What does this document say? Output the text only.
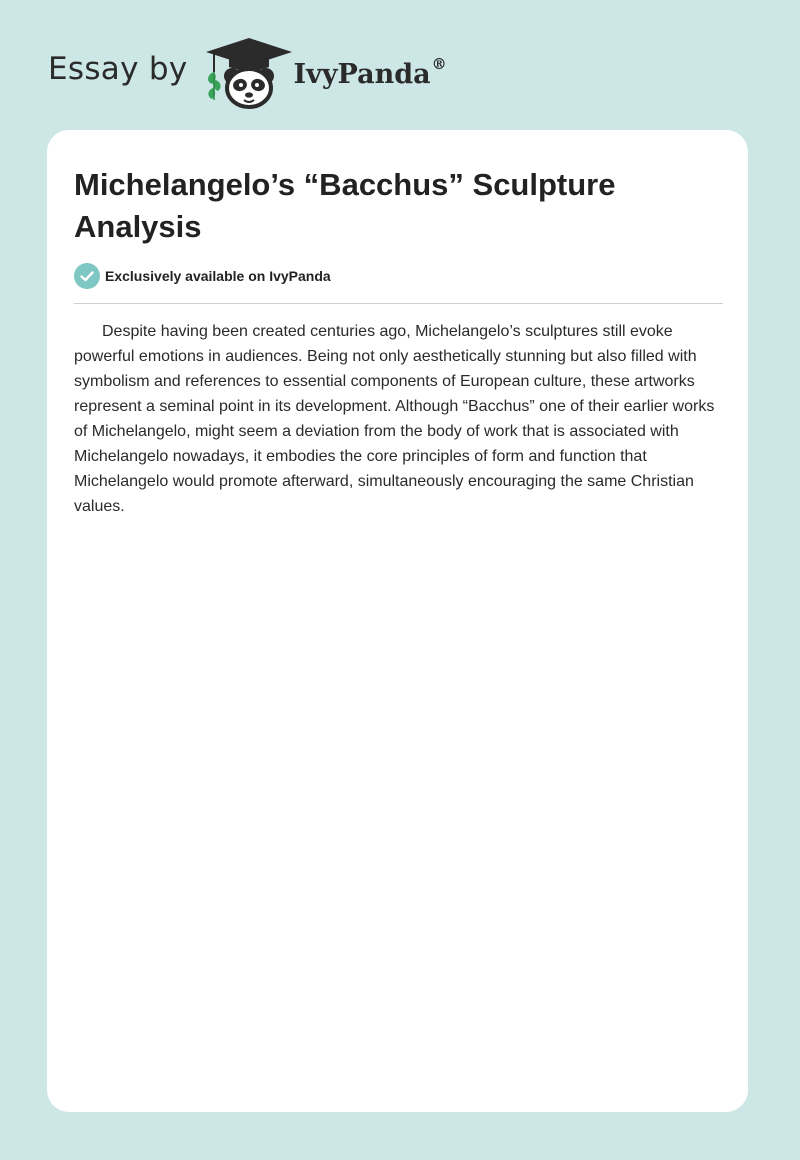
Essay by	IvyPanda®
Michelangelo’s “Bacchus” Sculpture Analysis
Exclusively available on IvyPanda

Despite having been created centuries ago, Michelangelo’s sculptures still evoke powerful emotions in audiences. Being not only aesthetically stunning but also filled with symbolism and references to essential components of European culture, these artworks represent a seminal point in its development. Although “Bacchus” one of their earlier works of Michelangelo, might seem a deviation from the body of work that is associated with Michelangelo nowadays, it embodies the core principles of form and function that Michelangelo would promote afterward, simultaneously encouraging the same Christian values.
